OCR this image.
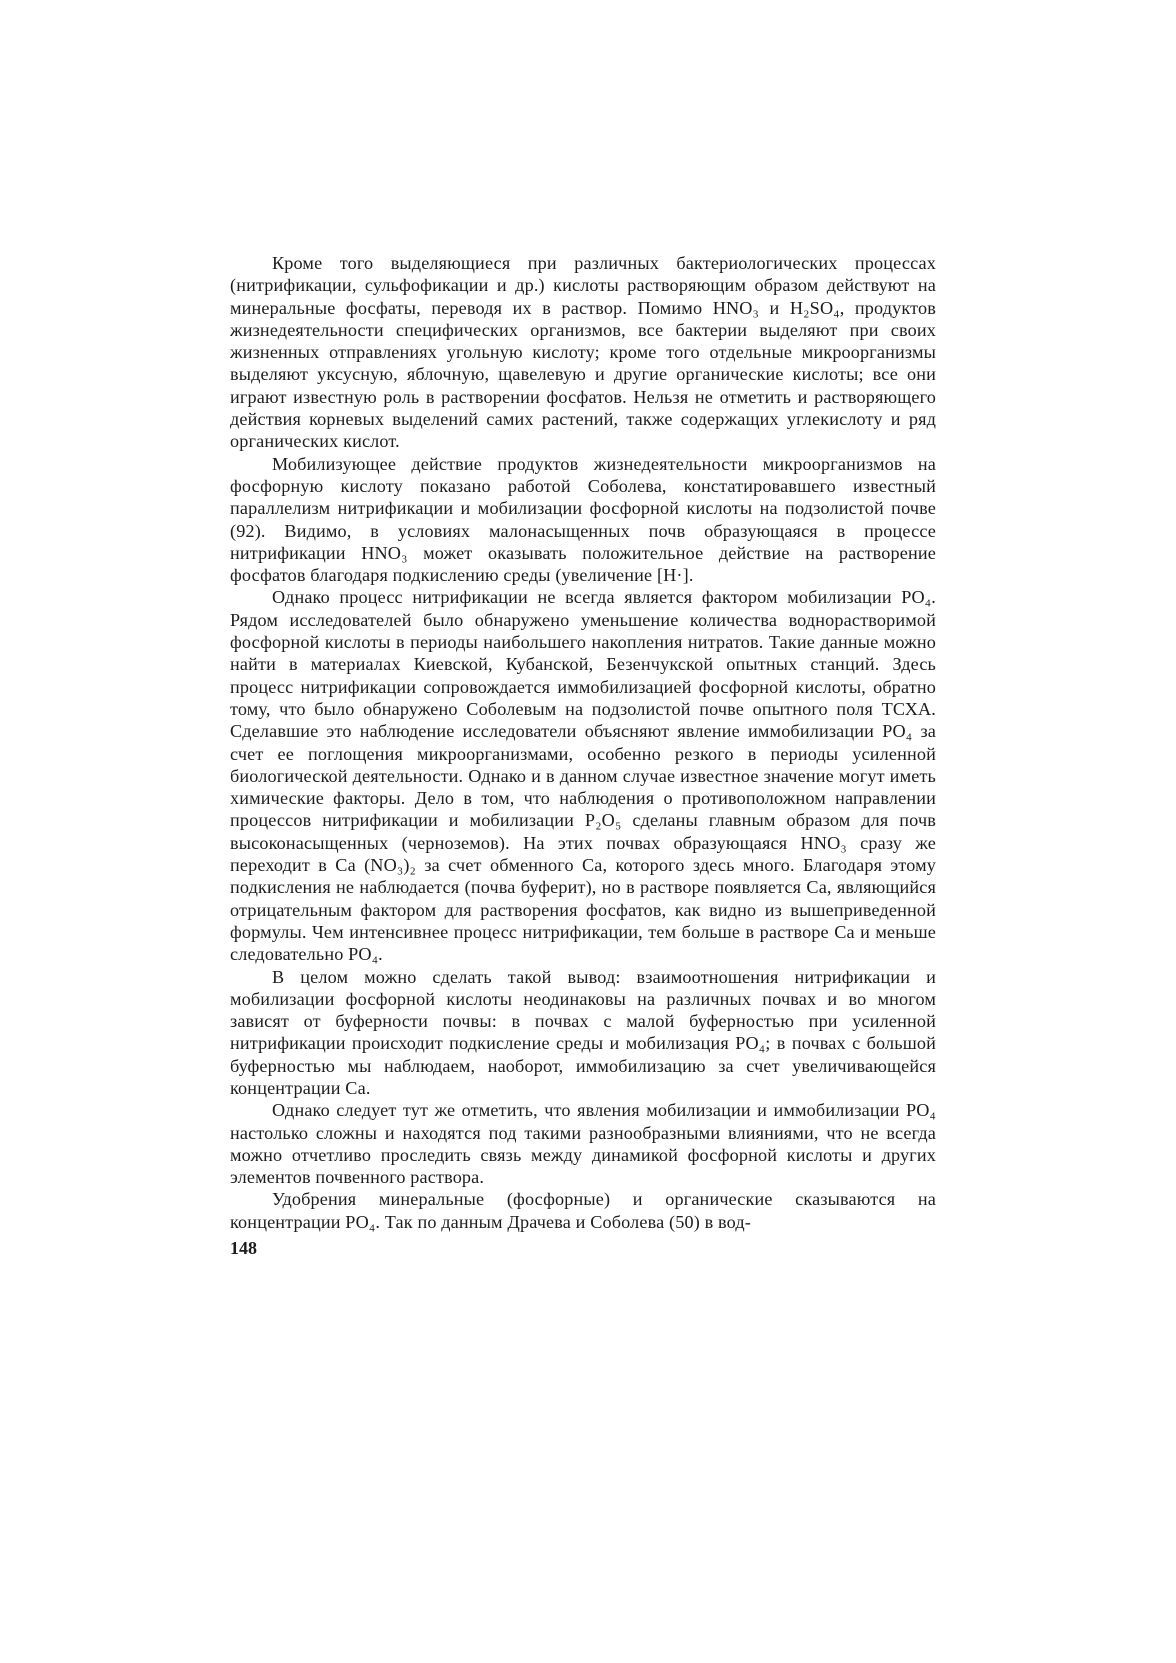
Кроме того выделяющиеся при различных бактериологических процессах (нитрификации, сульфофикации и др.) кислоты растворяющим образом действуют на минеральные фосфаты, переводя их в раствор. Помимо HNO₃ и H₂SO₄, продуктов жизнедеятельности специфических организмов, все бактерии выделяют при своих жизненных отправлениях угольную кислоту; кроме того отдельные микроорганизмы выделяют уксусную, яблочную, щавелевую и другие органические кислоты; все они играют известную роль в растворении фосфатов. Нельзя не отметить и растворяющего действия корневых выделений самих растений, также содержащих углекислоту и ряд органических кислот.

Мобилизующее действие продуктов жизнедеятельности микроорганизмов на фосфорную кислоту показано работой Соболева, констатировавшего известный параллелизм нитрификации и мобилизации фосфорной кислоты на подзолистой почве (92). Видимо, в условиях малонасыщенных почв образующаяся в процессе нитрификации HNO₃ может оказывать положительное действие на растворение фосфатов благодаря подкислению среды (увеличение [H·].

Однако процесс нитрификации не всегда является фактором мобилизации PO₄. Рядом исследователей было обнаружено уменьшение количества воднорастворимой фосфорной кислоты в периоды наибольшего накопления нитратов. Такие данные можно найти в материалах Киевской, Кубанской, Безенчукской опытных станций. Здесь процесс нитрификации сопровождается иммобилизацией фосфорной кислоты, обратно тому, что было обнаружено Соболевым на подзолистой почве опытного поля ТСХА. Сделавшие это наблюдение исследователи объясняют явление иммобилизации PO₄ за счет ее поглощения микроорганизмами, особенно резкого в периоды усиленной биологической деятельности. Однако и в данном случае известное значение могут иметь химические факторы. Дело в том, что наблюдения о противоположном направлении процессов нитрификации и мобилизации P₂O₅ сделаны главным образом для почв высоконасыщенных (черноземов). На этих почвах образующаяся HNO₃ сразу же переходит в Ca (NO₃)₂ за счет обменного Ca, которого здесь много. Благодаря этому подкисления не наблюдается (почва буферит), но в растворе появляется Ca, являющийся отрицательным фактором для растворения фосфатов, как видно из вышеприведенной формулы. Чем интенсивнее процесс нитрификации, тем больше в растворе Ca и меньше следовательно PO₄.

В целом можно сделать такой вывод: взаимоотношения нитрификации и мобилизации фосфорной кислоты неодинаковы на различных почвах и во многом зависят от буферности почвы: в почвах с малой буферностью при усиленной нитрификации происходит подкисление среды и мобилизация PO₄; в почвах с большой буферностью мы наблюдаем, наоборот, иммобилизацию за счет увеличивающейся концентрации Ca.

Однако следует тут же отметить, что явления мобилизации и иммобилизации PO₄ настолько сложны и находятся под такими разнообразными влияниями, что не всегда можно отчетливо проследить связь между динамикой фосфорной кислоты и других элементов почвенного раствора.

Удобрения минеральные (фосфорные) и органические сказываются на концентрации PO₄. Так по данным Драчева и Соболева (50) в вод-

148
